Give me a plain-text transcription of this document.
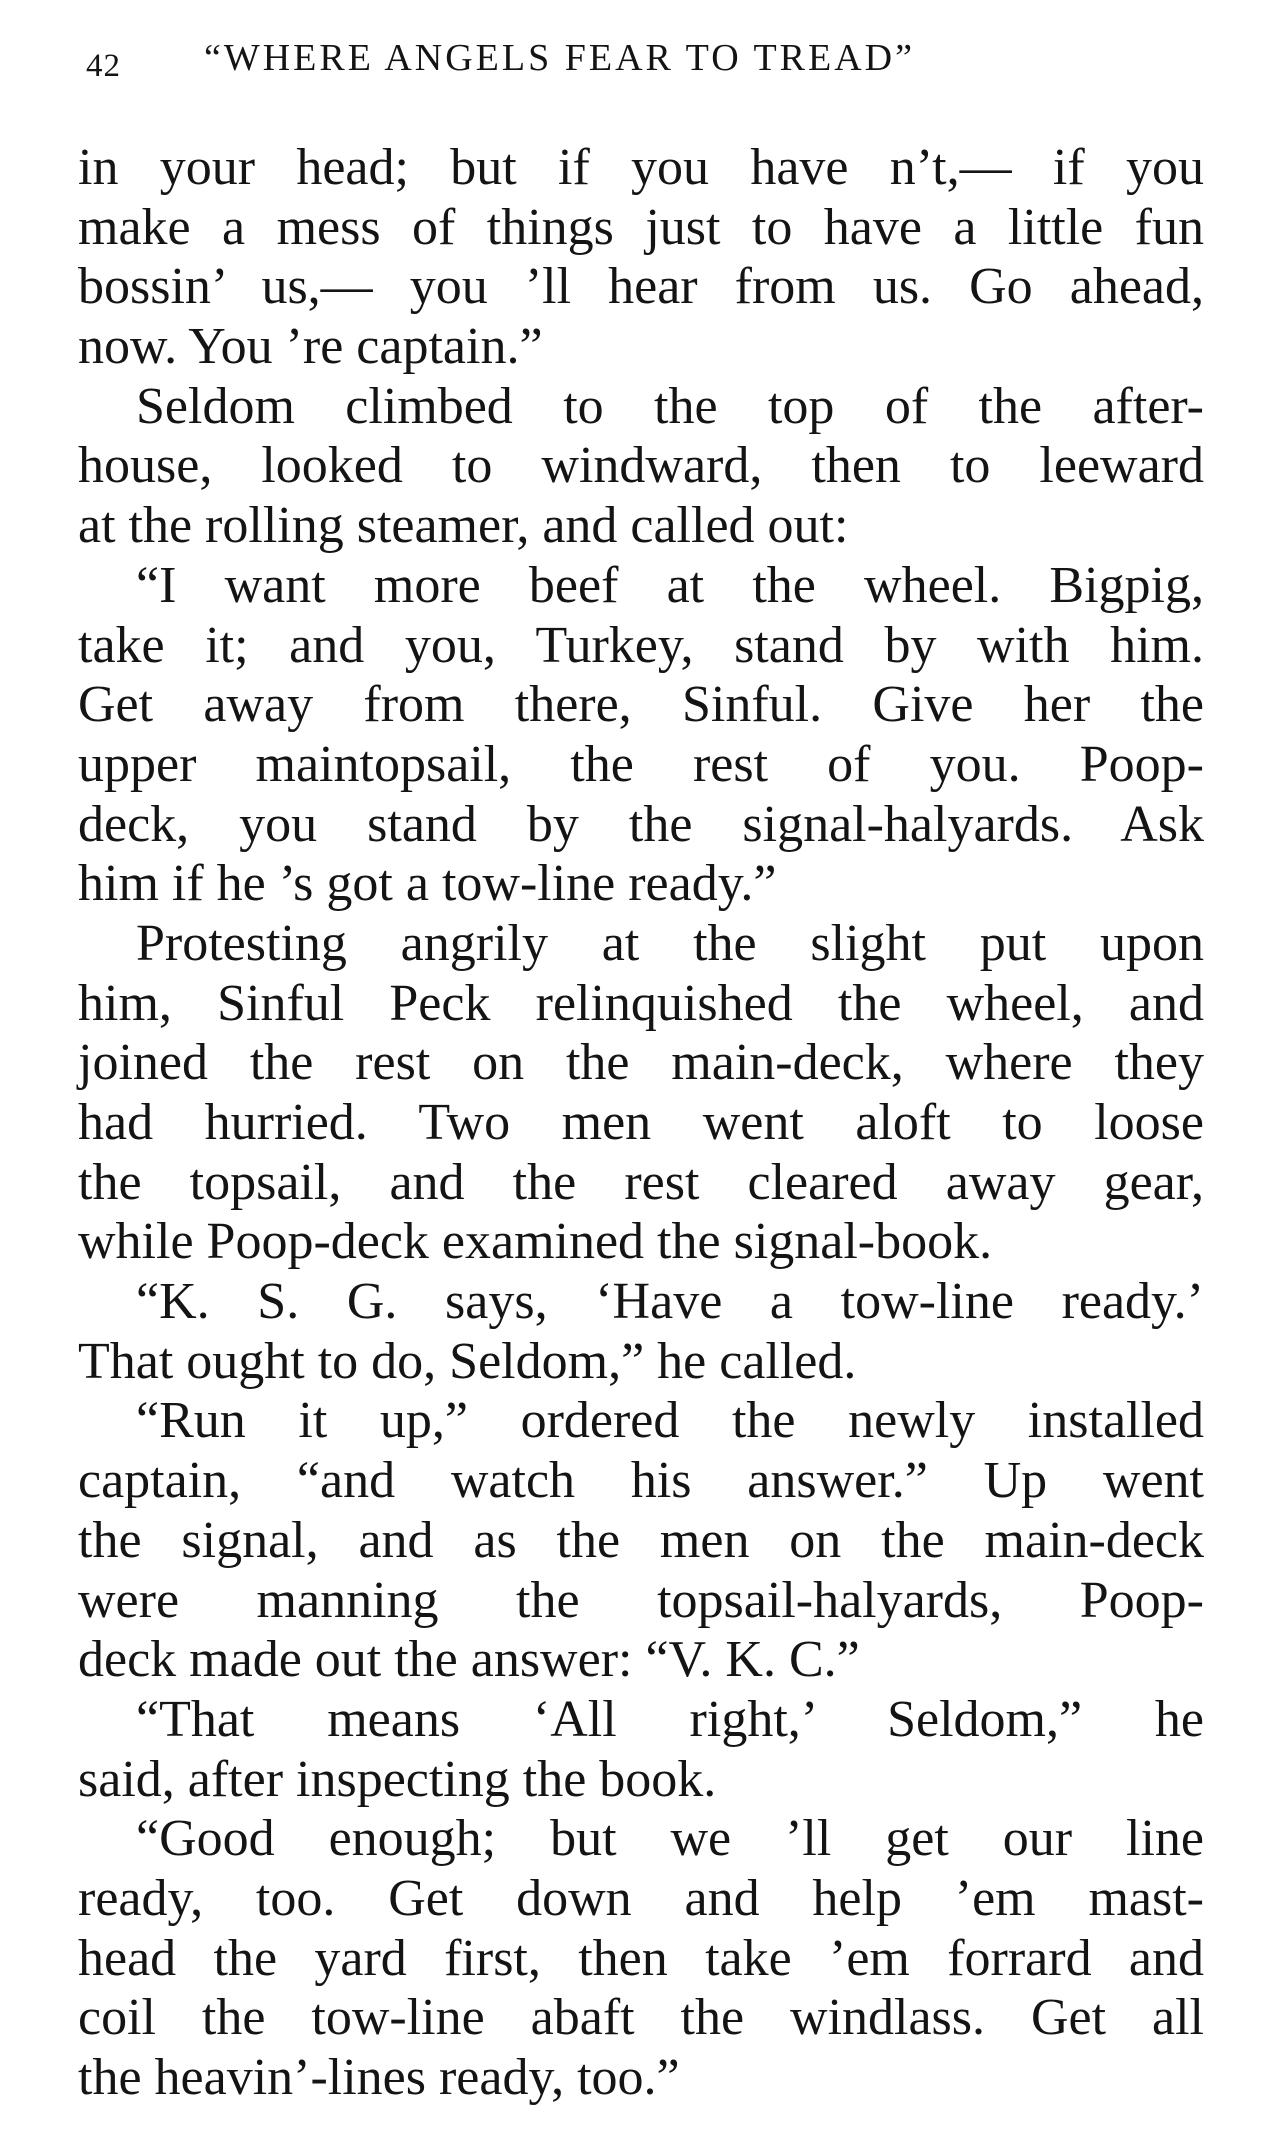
42 “WHERE ANGELS FEAR TO TREAD”
in your head; but if you have n’t,— if you
make a mess of things just to have a little fun
bossin’ us,— you ’ll hear from us. Go ahead,
now. You ’re captain.”
Seldom climbed to the top of the after-
house, looked to windward, then to leeward
at the rolling steamer, and called out:
“I want more beef at the wheel. Bigpig,
take it; and you, Turkey, stand by with him.
Get away from there, Sinful. Give her the
upper maintopsail, the rest of you. Poop-
deck, you stand by the signal-halyards. Ask
him if he ’s got a tow-line ready.”
Protesting angrily at the slight put upon
him, Sinful Peck relinquished the wheel, and
joined the rest on the main-deck, where they
had hurried. Two men went aloft to loose
the topsail, and the rest cleared away gear,
while Poop-deck examined the signal-book.
“K. S. G. says, ‘Have a tow-line ready.’
That ought to do, Seldom,” he called.
“Run it up,” ordered the newly installed
captain, “and watch his answer.” Up went
the signal, and as the men on the main-deck
were manning the topsail-halyards, Poop-
deck made out the answer: “V. K. C.”
“That means ‘All right,’ Seldom,” he
said, after inspecting the book.
“Good enough; but we ’ll get our line
ready, too. Get down and help ’em mast-
head the yard first, then take ’em forrard and
coil the tow-line abaft the windlass. Get all
the heavin’-lines ready, too.”
